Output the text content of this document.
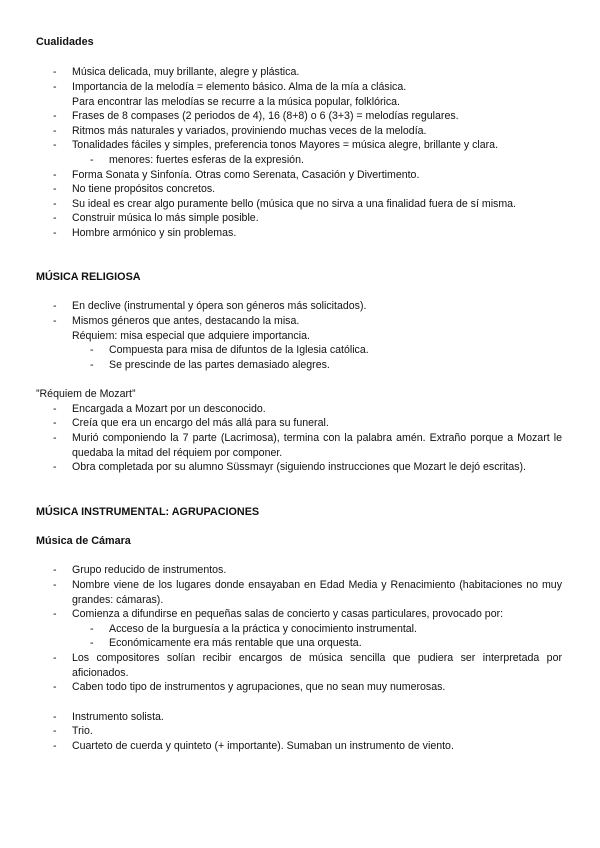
Cualidades
- Música delicada, muy brillante, alegre y plástica.
- Importancia de la melodía = elemento básico. Alma de la mía a clásica.
Para encontrar las melodías se recurre a la música popular, folklórica.
- Frases de 8 compases (2 periodos de 4), 16 (8+8) o 6 (3+3) = melodías regulares.
- Ritmos más naturales y variados, proviniendo muchas veces de la melodía.
- Tonalidades fáciles y simples, preferencia tonos Mayores = música alegre, brillante y clara.
- menores: fuertes esferas de la expresión.
- Forma Sonata y Sinfonía. Otras como Serenata, Casación y Divertimento.
- No tiene propósitos concretos.
- Su ideal es crear algo puramente bello (música que no sirva a una finalidad fuera de sí misma.
- Construir música lo más simple posible.
- Hombre armónico y sin problemas.
MÚSICA RELIGIOSA
- En declive (instrumental y ópera son géneros más solicitados).
- Mismos géneros que antes, destacando la misa.
Réquiem: misa especial que adquiere importancia.
- Compuesta para misa de difuntos de la Iglesia católica.
- Se prescinde de las partes demasiado alegres.
”Réquiem de Mozart”
- Encargada a Mozart por un desconocido.
- Creía que era un encargo del más allá para su funeral.
- Murió componiendo la 7 parte (Lacrimosa), termina con la palabra amén. Extraño porque a Mozart le quedaba la mitad del réquiem por componer.
- Obra completada por su alumno Süssmayr (siguiendo instrucciones que Mozart le dejó escritas).
MÚSICA INSTRUMENTAL: AGRUPACIONES
Música de Cámara
- Grupo reducido de instrumentos.
- Nombre viene de los lugares donde ensayaban en Edad Media y Renacimiento (habitaciones no muy grandes: cámaras).
- Comienza a difundirse en pequeñas salas de concierto y casas particulares, provocado por:
- Acceso de la burguesía a la práctica y conocimiento instrumental.
- Económicamente era más rentable que una orquesta.
- Los compositores solían recibir encargos de música sencilla que pudiera ser interpretada por aficionados.
- Caben todo tipo de instrumentos y agrupaciones, que no sean muy numerosas.
- Instrumento solista.
- Trio.
- Cuarteto de cuerda y quinteto (+ importante). Sumaban un instrumento de viento.
